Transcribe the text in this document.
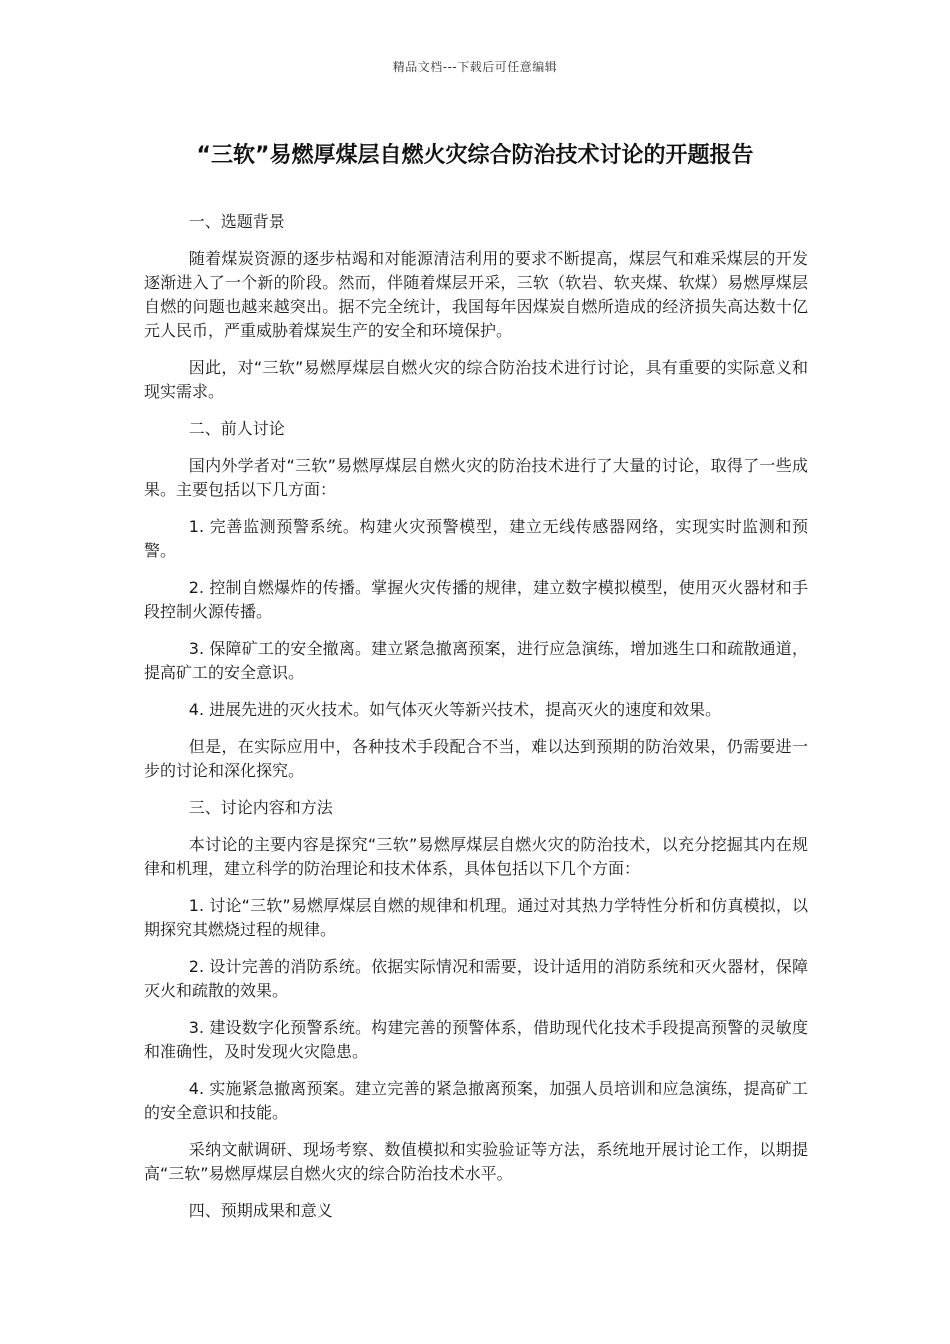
精品文档---下载后可任意编辑
“三软”易燃厚煤层自燃火灾综合防治技术讨论的开题报告
一、选题背景

随着煤炭资源的逐步枯竭和对能源清洁利用的要求不断提高，煤层气和难采煤层的开发逐渐进入了一个新的阶段。然而，伴随着煤层开采，三软（软岩、软夹煤、软煤）易燃厚煤层自燃的问题也越来越突出。据不完全统计，我国每年因煤炭自燃所造成的经济损失高达数十亿元人民币，严重威胁着煤炭生产的安全和环境保护。

因此，对“三软”易燃厚煤层自燃火灾的综合防治技术进行讨论，具有重要的实际意义和现实需求。

二、前人讨论

国内外学者对“三软”易燃厚煤层自燃火灾的防治技术进行了大量的讨论，取得了一些成果。主要包括以下几方面：

1. 完善监测预警系统。构建火灾预警模型，建立无线传感器网络，实现实时监测和预警。

2. 控制自燃爆炸的传播。掌握火灾传播的规律，建立数字模拟模型，使用灭火器材和手段控制火源传播。

3. 保障矿工的安全撤离。建立紧急撤离预案，进行应急演练，增加逃生口和疏散通道，提高矿工的安全意识。

4. 进展先进的灭火技术。如气体灭火等新兴技术，提高灭火的速度和效果。

但是，在实际应用中，各种技术手段配合不当，难以达到预期的防治效果，仍需要进一步的讨论和深化探究。

三、讨论内容和方法

本讨论的主要内容是探究“三软”易燃厚煤层自燃火灾的防治技术，以充分挖掘其内在规律和机理，建立科学的防治理论和技术体系，具体包括以下几个方面：

1. 讨论“三软”易燃厚煤层自燃的规律和机理。通过对其热力学特性分析和仿真模拟，以期探究其燃烧过程的规律。

2. 设计完善的消防系统。依据实际情况和需要，设计适用的消防系统和灭火器材，保障灭火和疏散的效果。

3. 建设数字化预警系统。构建完善的预警体系，借助现代化技术手段提高预警的灵敏度和准确性，及时发现火灾隐患。

4. 实施紧急撤离预案。建立完善的紧急撤离预案，加强人员培训和应急演练，提高矿工的安全意识和技能。

采纳文献调研、现场考察、数值模拟和实验验证等方法，系统地开展讨论工作，以期提高“三软”易燃厚煤层自燃火灾的综合防治技术水平。

四、预期成果和意义
